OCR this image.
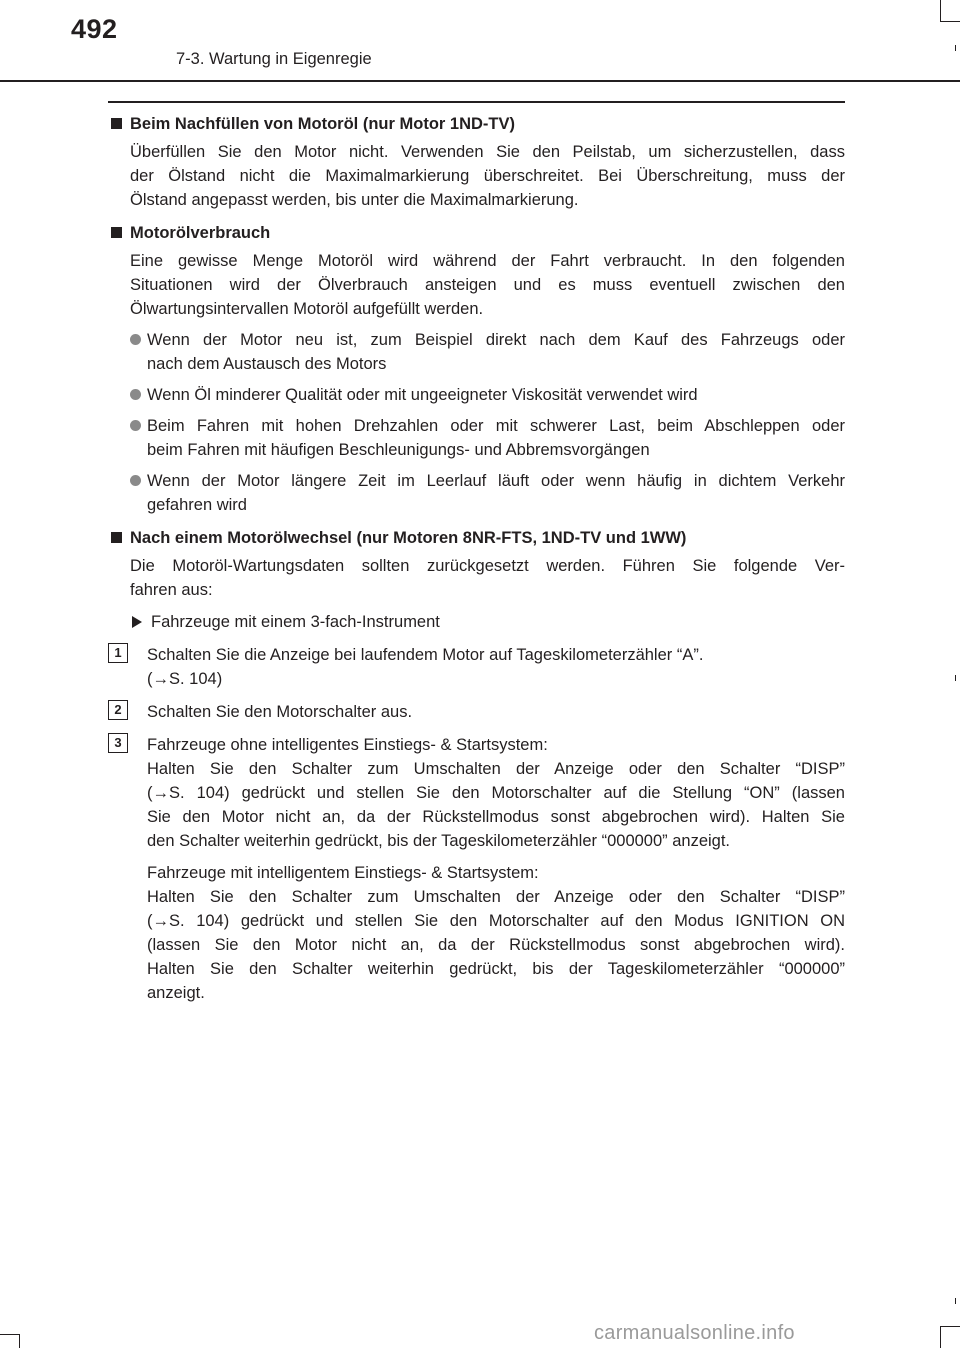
492
7-3. Wartung in Eigenregie
Beim Nachfüllen von Motoröl (nur Motor 1ND-TV)
Überfüllen Sie den Motor nicht. Verwenden Sie den Peilstab, um sicherzustellen, dass
der Ölstand nicht die Maximalmarkierung überschreitet. Bei Überschreitung, muss der
Ölstand angepasst werden, bis unter die Maximalmarkierung.
Motorölverbrauch
Eine gewisse Menge Motoröl wird während der Fahrt verbraucht. In den folgenden
Situationen wird der Ölverbrauch ansteigen und es muss eventuell zwischen den
Ölwartungsintervallen Motoröl aufgefüllt werden.
Wenn der Motor neu ist, zum Beispiel direkt nach dem Kauf des Fahrzeugs oder
nach dem Austausch des Motors
Wenn Öl minderer Qualität oder mit ungeeigneter Viskosität verwendet wird
Beim Fahren mit hohen Drehzahlen oder mit schwerer Last, beim Abschleppen oder
beim Fahren mit häufigen Beschleunigungs- und Abbremsvorgängen
Wenn der Motor längere Zeit im Leerlauf läuft oder wenn häufig in dichtem Verkehr
gefahren wird
Nach einem Motorölwechsel (nur Motoren 8NR-FTS, 1ND-TV und 1WW)
Die Motoröl-Wartungsdaten sollten zurückgesetzt werden. Führen Sie folgende Ver-
fahren aus:
Fahrzeuge mit einem 3-fach-Instrument
1	Schalten Sie die Anzeige bei laufendem Motor auf Tageskilometerzähler “A”.
(→S. 104)
2	Schalten Sie den Motorschalter aus.
3	Fahrzeuge ohne intelligentes Einstiegs- & Startsystem:
Halten Sie den Schalter zum Umschalten der Anzeige oder den Schalter “DISP”
(→S. 104) gedrückt und stellen Sie den Motorschalter auf die Stellung “ON” (lassen
Sie den Motor nicht an, da der Rückstellmodus sonst abgebrochen wird). Halten Sie
den Schalter weiterhin gedrückt, bis der Tageskilometerzähler “000000” anzeigt.
Fahrzeuge mit intelligentem Einstiegs- & Startsystem:
Halten Sie den Schalter zum Umschalten der Anzeige oder den Schalter “DISP”
(→S. 104) gedrückt und stellen Sie den Motorschalter auf den Modus IGNITION ON
(lassen Sie den Motor nicht an, da der Rückstellmodus sonst abgebrochen wird).
Halten Sie den Schalter weiterhin gedrückt, bis der Tageskilometerzähler “000000”
anzeigt.
carmanualsonline.info
